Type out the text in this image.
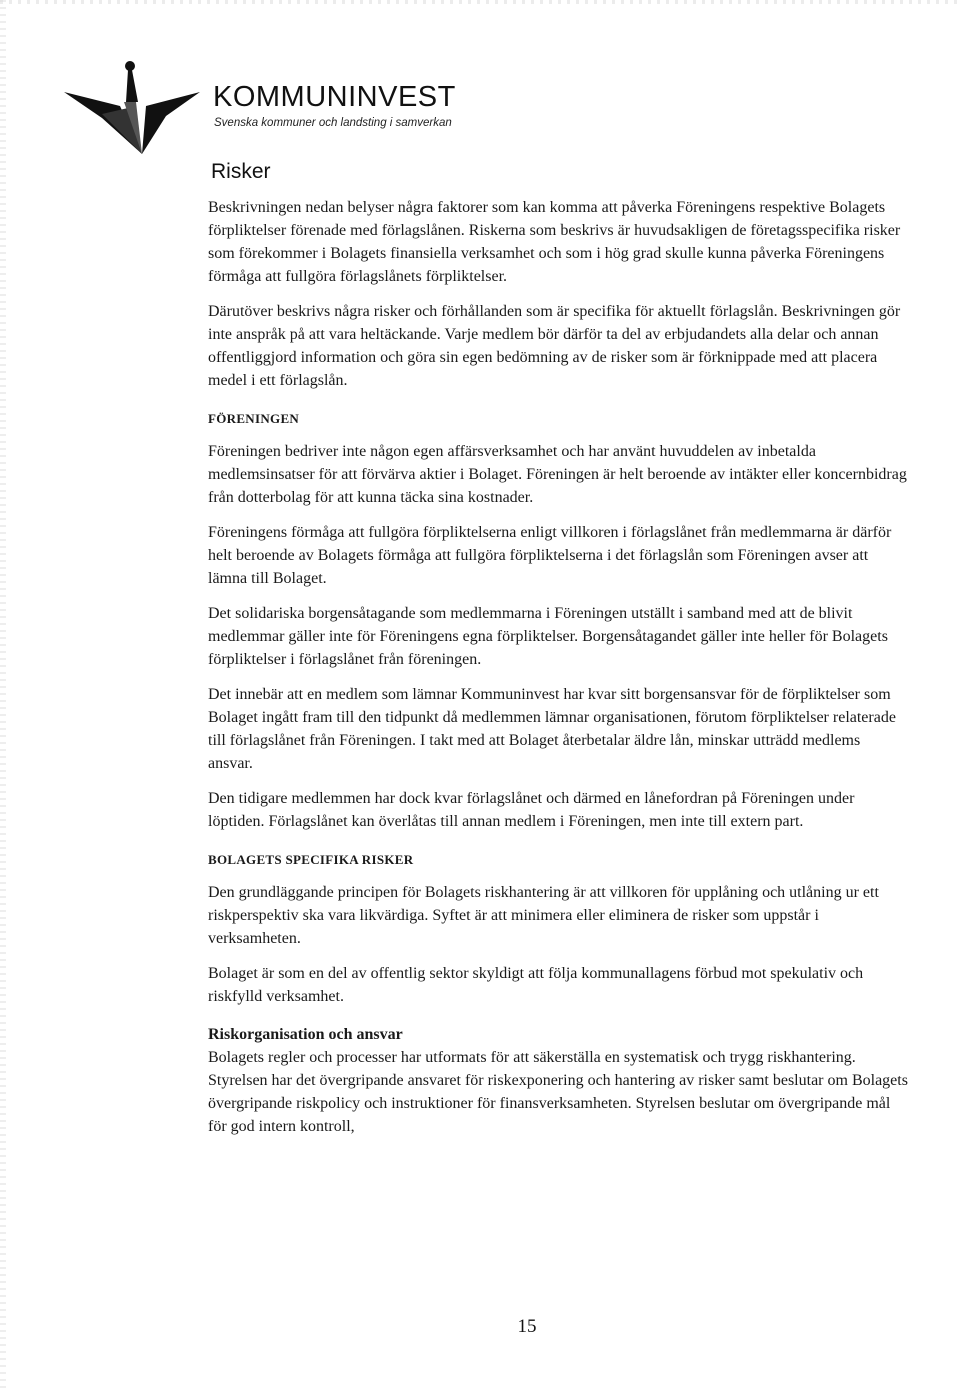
KOMMUNINVEST
Svenska kommuner och landsting i samverkan
Risker

Beskrivningen nedan belyser några faktorer som kan komma att påverka Föreningens respektive Bolagets förpliktelser förenade med förlagslånen. Riskerna som beskrivs är huvudsakligen de företagsspecifika risker som förekommer i Bolagets finansiella verksamhet och som i hög grad skulle kunna påverka Föreningens förmåga att fullgöra förlagslånets förpliktelser.

Därutöver beskrivs några risker och förhållanden som är specifika för aktuellt förlagslån. Beskrivningen gör inte anspråk på att vara heltäckande. Varje medlem bör därför ta del av erbjudandets alla delar och annan offentliggjord information och göra sin egen bedömning av de risker som är förknippade med att placera medel i ett förlagslån.

FÖRENINGEN

Föreningen bedriver inte någon egen affärsverksamhet och har använt huvuddelen av inbetalda medlemsinsatser för att förvärva aktier i Bolaget. Föreningen är helt beroende av intäkter eller koncernbidrag från dotterbolag för att kunna täcka sina kostnader.

Föreningens förmåga att fullgöra förpliktelserna enligt villkoren i förlagslånet från medlemmarna är därför helt beroende av Bolagets förmåga att fullgöra förpliktelserna i det förlagslån som Föreningen avser att lämna till Bolaget.

Det solidariska borgensåtagande som medlemmarna i Föreningen utställt i samband med att de blivit medlemmar gäller inte för Föreningens egna förpliktelser. Borgensåtagandet gäller inte heller för Bolagets förpliktelser i förlagslånet från föreningen.

Det innebär att en medlem som lämnar Kommuninvest har kvar sitt borgensansvar för de förpliktelser som Bolaget ingått fram till den tidpunkt då medlemmen lämnar organisationen, förutom förpliktelser relaterade till förlagslånet från Föreningen. I takt med att Bolaget återbetalar äldre lån, minskar utträdd medlems ansvar.

Den tidigare medlemmen har dock kvar förlagslånet och därmed en lånefordran på Föreningen under löptiden. Förlagslånet kan överlåtas till annan medlem i Föreningen, men inte till extern part.

BOLAGETS SPECIFIKA RISKER

Den grundläggande principen för Bolagets riskhantering är att villkoren för upplåning och utlåning ur ett riskperspektiv ska vara likvärdiga. Syftet är att minimera eller eliminera de risker som uppstår i verksamheten.

Bolaget är som en del av offentlig sektor skyldigt att följa kommunallagens förbud mot spekulativ och riskfylld verksamhet.

Riskorganisation och ansvar

Bolagets regler och processer har utformats för att säkerställa en systematisk och trygg riskhantering. Styrelsen har det övergripande ansvaret för riskexponering och hantering av risker samt beslutar om Bolagets övergripande riskpolicy och instruktioner för finansverksamheten. Styrelsen beslutar om övergripande mål för god intern kontroll,

15
